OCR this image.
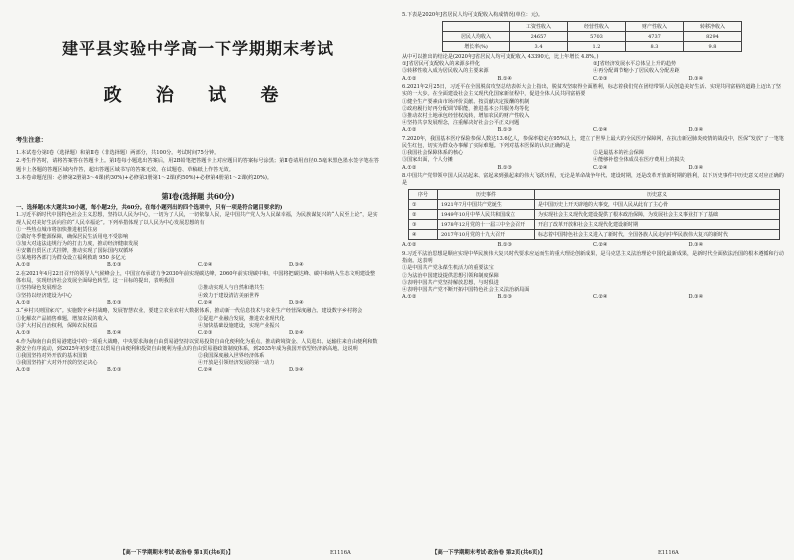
建平县实验中学高一下学期期末考试
政 治 试 卷
考生注意：
1.本试卷分第Ⅰ卷（选择题）和第Ⅱ卷（非选择题）两部分，共100分。考试时间75分钟。
2.考生作答时，请将答案答在答题卡上。第Ⅰ卷每小题选出答案后，用2B铅笔把答题卡上对应题目的答案标号涂黑；第Ⅱ卷请用直径0.5毫米黑色墨水签字笔在答题卡上各题的答题区域内作答，超出答题区域书写的答案无效，在试题卷、草稿纸上作答无效。
3.本卷命题范围：必修第2册第3～4课(约30%)+必修第3册第1～2课(约50%)+必修第4册第1～2课(约20%)。
第Ⅰ卷(选择题 共60分)
一、选择题(本大题共30小题，每小题2分，共60分。在每小题列出的四个选项中，只有一项是符合题目要求的)

1.习近平新时代中国特色社会主义思想，坚持以人民为中心，一切为了人民，一切依靠人民，是中国共产党人为人民谋幸福，为民族谋复兴的“人民至上论”，是实现人民对美好生活向往的“人民幸福论”。下列举措体现了以人民为中心发展思想的有

①一些热点城市将加快推进租赁住房

②做好冬季能源保障，确保居民生活用电不受影响

③加大对违法违规行为的打击力度，推动经济健康发展

④安徽自贸区正式挂牌，推动实现了国际国内双循环

⑤某地将各部门为群众设立福利救助 950 多亿元

A.①②	B.①③	C.②④	D.③④

2.在2021年4月22日召开的领导人气候峰会上，中国宣布承诺力争2030年前实现碳达峰，2060年前实现碳中和，中国将把碳达峰、碳中和纳入生态文明建设整体布局，实现经济社会发展全面绿色转型。这一目标的提出，表明我国

①坚持绿色发展理念	②推动实现人与自然和谐共生
③坚持以经济建设为中心	④致力于建设清洁美丽世界
A.①②	B.①③	C.②④	D.③④

3.“乡村兴则国家兴”。实施数字乡村战略，发展智慧农业，要建立农业农村大数据体系，推动新一代信息技术与农业生产经营深度融合。建设数字乡村将会

①化解农产品销售难题，增加农民的收入	②促进产业融合发展，推进农业现代化
③扩大村民自治权利，保障农民权益	④加快基础设施建设，实现产业振兴
A.①③	B.①④	C.②③	D.②④

4.作为海南自由贸易港建设中的一项重大战略，中央要求海南自由贸易港坚持以贸易投资自由化便利化为重点，推动跨境资金、人员进出、运输往来自由便利和数据安全有序流动，到2025年初步建立以贸易自由便利和投资自由便利为重点的自由贸易港政策制度体系，到2035年成为我国开放型经济新高地。这说明

①我国坚持对外开放的基本国策	②我国深度融入世界经济体系
③我国坚持扩大对外开放的坚定决心	④开放是引领经济发展的第一动力
A.①②	B.①③	C.②④	D.③④
【高一下学期期末考试·政治卷 第1页(共6页)】	E1116A

5.下表是2020年J省居民人均可支配收入构成情况(单位：元)。

	工资性收入	经营性收入	财产性收入	转移净收入
居民人均收入	24657	5703	4737	8294
增长率(%)	3.4	1.2	8.3	9.8

从中可以推出的结论是(2020年J省居民人均可支配收入 43390元，比上年增长 4.8%。)

①J省居民可支配收入的来源多样化	②J省经济发展水平总体呈上升的趋势
③转移性收入成为居民收入的主要来源	④再分配调节缩小了居民收入分配差距
A.①②	B.①④	C.②③	D.③④

6.2021年2月25日，习近平在全国脱贫攻坚总结表彰大会上指出，脱贫攻坚取得全面胜利，标志着我们党在团结带领人民创造美好生活、实现共同富裕的道路上迈出了坚实的一大步。在全面建设社会主义现代化国家新征程中，促进全体人民共同富裕要

①健全生产要素由市场评价贡献、按贡献决定报酬的机制

②政府履行好再分配调节职能，推进基本公共服务均等化

③推动农村土地承包经营权流转，增加农民的财产性收入

④坚持共享发展理念，注重解决好社会公平正义问题

A.①②	B.①③	C.②④	D.③④

7.2020年，我国基本医疗保险参保人数达13.6亿人，参保率稳定在95%以上，建立了世界上最大的全民医疗保障网，在抗击新冠肺炎疫情的战役中，医保“发放”了一笔笔民生红包，切实为群众办事解了实际难题。下列对基本医保的认识正确的是

①我国社会保障体系的核心	②是最基本的社会保障
③国家出面，个人分摊	④能够补偿全体成员在医疗费用上的损失
A.①②	B.①③	C.②④	D.③④

8.中国共产党带领中国人民站起来、富起来到强起来的伟大飞跃历程，无论是革命战争年代、建设时期，还是改革开放新时期的胜利，以下历史事件中历史意义对应正确的是

序号	历史事件	历史意义
①	1921年7月中国共产党诞生	是中国历史上开天辟地的大事变，中国人民从此有了主心骨
②	1949年10月中华人民共和国成立	为实现社会主义现代化建设提供了根本政治保障，为发展社会主义事业打下了基础
③	1978年12月党的十一届三中全会召开	开启了改革开放和社会主义现代化建设新时期
④	2017年10月党的十九大召开	标志着中国特色社会主义进入了新时代，全国各族人民走向中华民族伟大复兴的新时代
A.①②	B.①③	C.②④	D.③④

9.习近平法治思想是顺应实现中华民族伟大复兴时代要求应运而生的重大理论创新成果，是马克思主义法治理论中国化最新成果，是新时代全面依法治国的根本遵循和行动指南。这表明

①是中国共产党永葆生机活力的重要法宝

②为法治中国建设提供思想引领和制度保障

③表明中国共产党坚持解放思想，与时俱进

④表明中国共产党不断开拓中国特色社会主义法治新局面

A.①②	B.①③	C.②④	D.③④
【高一下学期期末考试·政治卷 第2页(共6页)】	E1116A
